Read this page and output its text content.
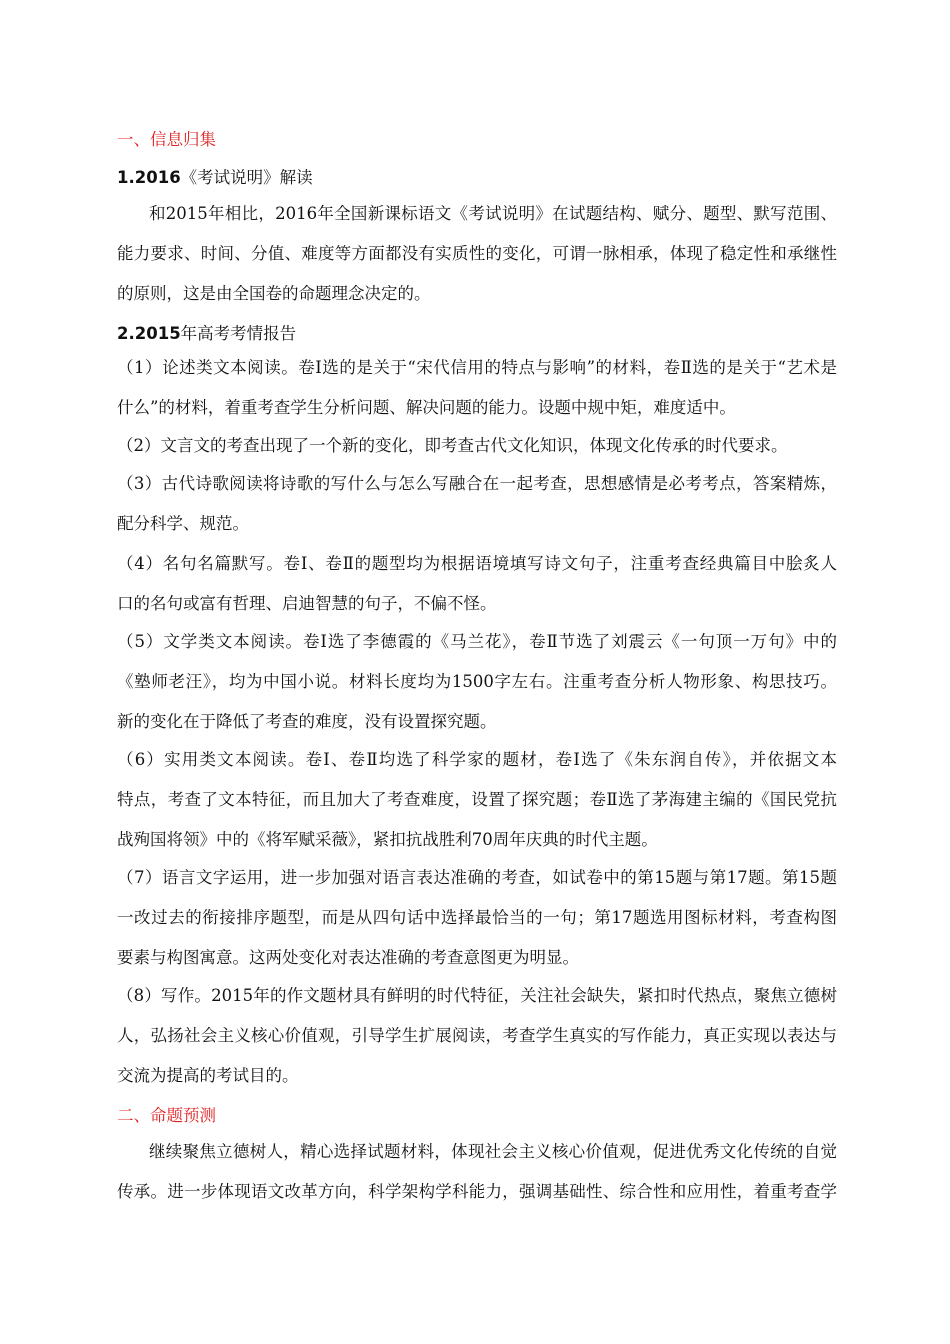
一、信息归集
1.2016《考试说明》解读
和2015年相比，2016年全国新课标语文《考试说明》在试题结构、赋分、题型、默写范围、
能力要求、时间、分值、难度等方面都没有实质性的变化，可谓一脉相承，体现了稳定性和承继性
的原则，这是由全国卷的命题理念决定的。
2.2015年高考考情报告
（1）论述类文本阅读。卷Ⅰ选的是关于“宋代信用的特点与影响”的材料，卷Ⅱ选的是关于“艺术是
什么”的材料，着重考查学生分析问题、解决问题的能力。设题中规中矩，难度适中。
（2）文言文的考查出现了一个新的变化，即考查古代文化知识，体现文化传承的时代要求。
（3）古代诗歌阅读将诗歌的写什么与怎么写融合在一起考查，思想感情是必考考点，答案精炼，
配分科学、规范。
（4）名句名篇默写。卷Ⅰ、卷Ⅱ的题型均为根据语境填写诗文句子，注重考查经典篇目中脍炙人
口的名句或富有哲理、启迪智慧的句子，不偏不怪。
（5）文学类文本阅读。卷Ⅰ选了李德霞的《马兰花》，卷Ⅱ节选了刘震云《一句顶一万句》中的
《塾师老汪》，均为中国小说。材料长度均为1500字左右。注重考查分析人物形象、构思技巧。
新的变化在于降低了考查的难度，没有设置探究题。
（6）实用类文本阅读。卷Ⅰ、卷Ⅱ均选了科学家的题材，卷Ⅰ选了《朱东润自传》，并依据文本
特点，考查了文本特征，而且加大了考查难度，设置了探究题；卷Ⅱ选了茅海建主编的《国民党抗
战殉国将领》中的《将军赋采薇》，紧扣抗战胜利70周年庆典的时代主题。
（7）语言文字运用，进一步加强对语言表达准确的考查，如试卷中的第15题与第17题。第15题
一改过去的衔接排序题型，而是从四句话中选择最恰当的一句；第17题选用图标材料，考查构图
要素与构图寓意。这两处变化对表达准确的考查意图更为明显。
（8）写作。2015年的作文题材具有鲜明的时代特征，关注社会缺失，紧扣时代热点，聚焦立德树
人，弘扬社会主义核心价值观，引导学生扩展阅读，考查学生真实的写作能力，真正实现以表达与
交流为提高的考试目的。
二、命题预测
继续聚焦立德树人，精心选择试题材料，体现社会主义核心价值观，促进优秀文化传统的自觉
传承。进一步体现语文改革方向，科学架构学科能力，强调基础性、综合性和应用性，着重考查学
